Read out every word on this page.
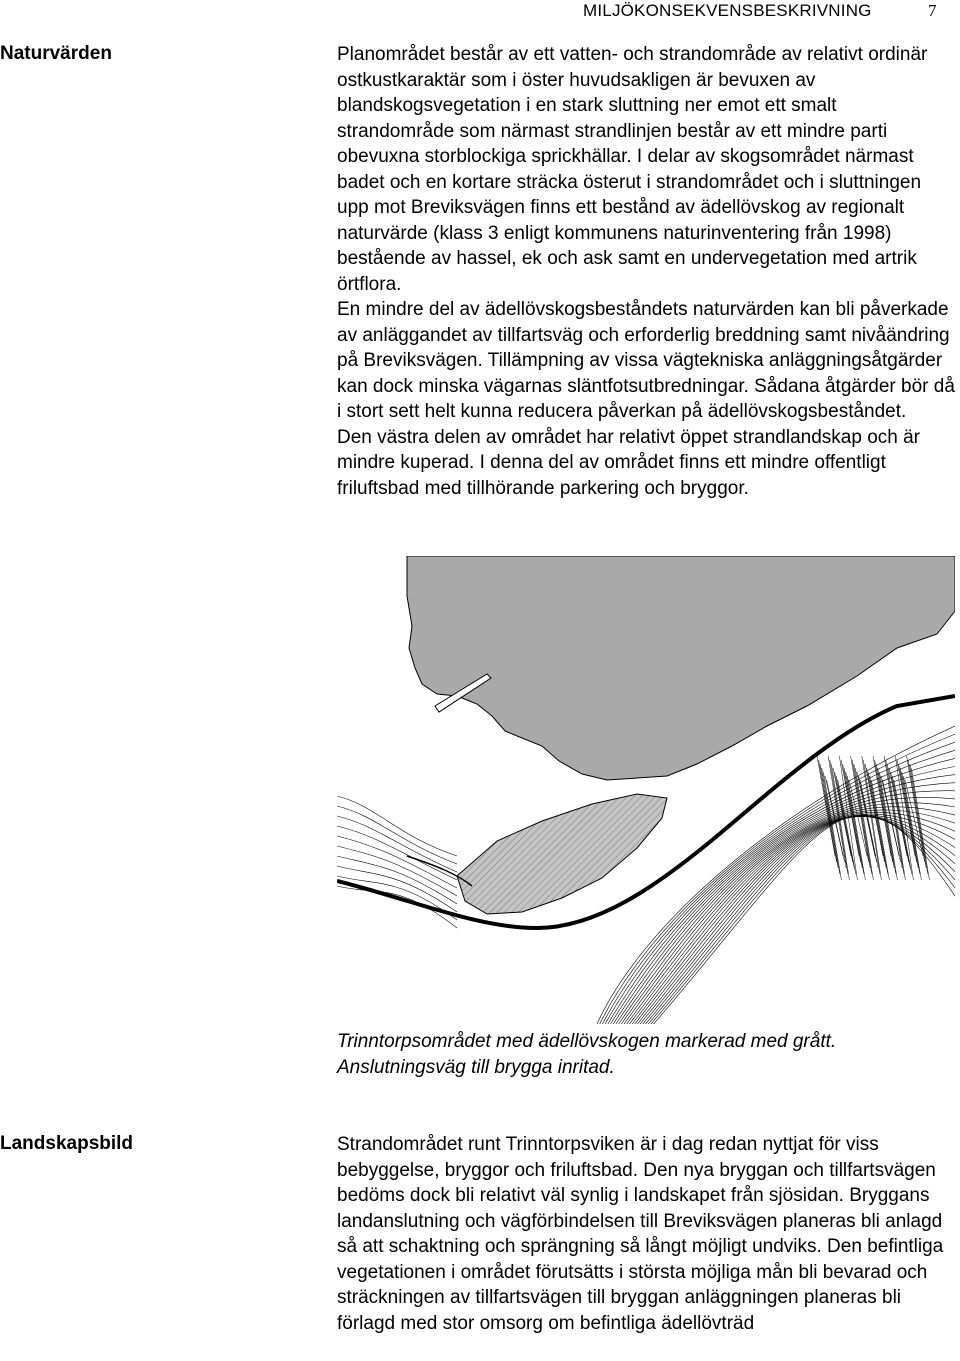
MILJÖKONSEKVENSBESKRIVNING	7
Naturvärden	Planområdet består av ett vatten- och strandområde av relativt ordinär ostkustkaraktär som i öster huvudsakligen är bevuxen av blandskogsvegetation i en stark sluttning ner emot ett smalt strandområde som närmast strandlinjen består av ett mindre parti obevuxna storblockiga sprickhällar. I delar av skogsområdet närmast badet och en kortare sträcka österut i strandområdet och i sluttningen upp mot Breviksvägen finns ett bestånd av ädellövskog av regionalt naturvärde (klass 3 enligt kommunens naturinventering från 1998) bestående av hassel, ek och ask samt en undervegetation med artrik örtflora.

En mindre del av ädellövskogsbeståndets naturvärden kan bli påverkade av anläggandet av tillfartsväg och erforderlig breddning samt nivåändring på Breviksvägen. Tillämpning av vissa vägtekniska anläggningsåtgärder kan dock minska vägarnas släntfotsutbredningar. Sådana åtgärder bör då i stort sett helt kunna reducera påverkan på ädellövskogsbeståndet.

Den västra delen av området har relativt öppet strandlandskap och är mindre kuperad. I denna del av området finns ett mindre offentligt friluftsbad med tillhörande parkering och bryggor.

Trinntorpsområdet med ädellövskogen markerad med grått.
Anslutningsväg till brygga inritad.
Landskapsbild	Strandområdet runt Trinntorpsviken är i dag redan nyttjat för viss bebyggelse, bryggor och friluftsbad. Den nya bryggan och tillfartsvägen bedöms dock bli relativt väl synlig i landskapet från sjösidan. Bryggans landanslutning och vägförbindelsen till Breviksvägen planeras bli anlagd så att schaktning och sprängning så långt möjligt undviks. Den befintliga vegetationen i området förutsätts i största möjliga mån bli bevarad och sträckningen av tillfartsvägen till bryggan anläggningen planeras bli förlagd med stor omsorg om befintliga ädellövträd
